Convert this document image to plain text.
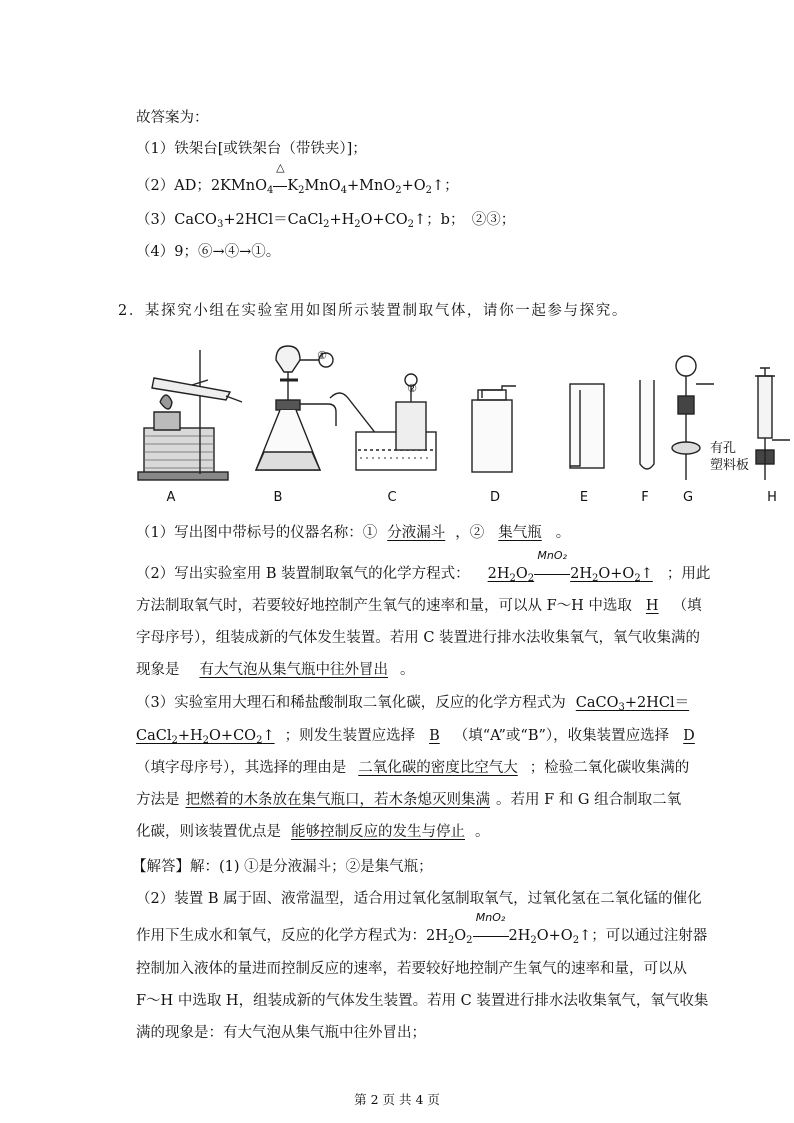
故答案为：
（1）铁架台[或铁架台（带铁夹）]；
（2）AD；2KMnO$_4$
△
$K_2MnO_4+MnO_2+O_2↑$；
$(3)CaCO_3+2HCl=CaCl_2+H_2O+CO_2↑$；b；　②③；
（4）9；⑥→④→①。
2．某探究小组在实验室用如图所示装置制取气体，请你一起参与探究。
①
②
有孔
塑料板
A	B	C	D	E	F	G	H
（1）写出图中带标号的仪器名称：① 分液漏斗 ，② 集气瓶 。
（2）写出实验室用 B 装置制取氧气的化学方程式： $2H_2O_2$
MnO₂
$2H_2O+O_2↑$ ；用此
方法制取氧气时，若要较好地控制产生氧气的速率和量，可以从 F～H 中选取 H （填
字母序号），组装成新的气体发生装置。若用 C 装置进行排水法收集氧气，氧气收集满的
现象是 有大气泡从集气瓶中往外冒出 。
（3）实验室用大理石和稀盐酸制取二氧化碳，反应的化学方程式为 CaCO$_3$+2HCl＝
$CaCl_2+H_2O+CO_2↑$ ；则发生装置应选择 B （填“A”或“B”），收集装置应选择 D
（填字母序号），其选择的理由是 二氧化碳的密度比空气大 ；检验二氧化碳收集满的
方法是 把燃着的木条放在集气瓶口，若木条熄灭则集满 。若用 F 和 G 组合制取二氧
化碳，则该装置优点是 能够控制反应的发生与停止 。
【解答】解：(1) ①是分液漏斗；②是集气瓶；
（2）装置 B 属于固、液常温型，适合用过氧化氢制取氧气，过氧化氢在二氧化锰的催化
作用下生成水和氧气，反应的化学方程式为：$2H_2O_2$
MnO₂
$2H_2O+O_2↑$；可以通过注射器
控制加入液体的量进而控制反应的速率，若要较好地控制产生氧气的速率和量，可以从
F～H 中选取 H，组装成新的气体发生装置。若用 C 装置进行排水法收集氧气，氧气收集
满的现象是：有大气泡从集气瓶中往外冒出；
第 2 页 共 4 页
